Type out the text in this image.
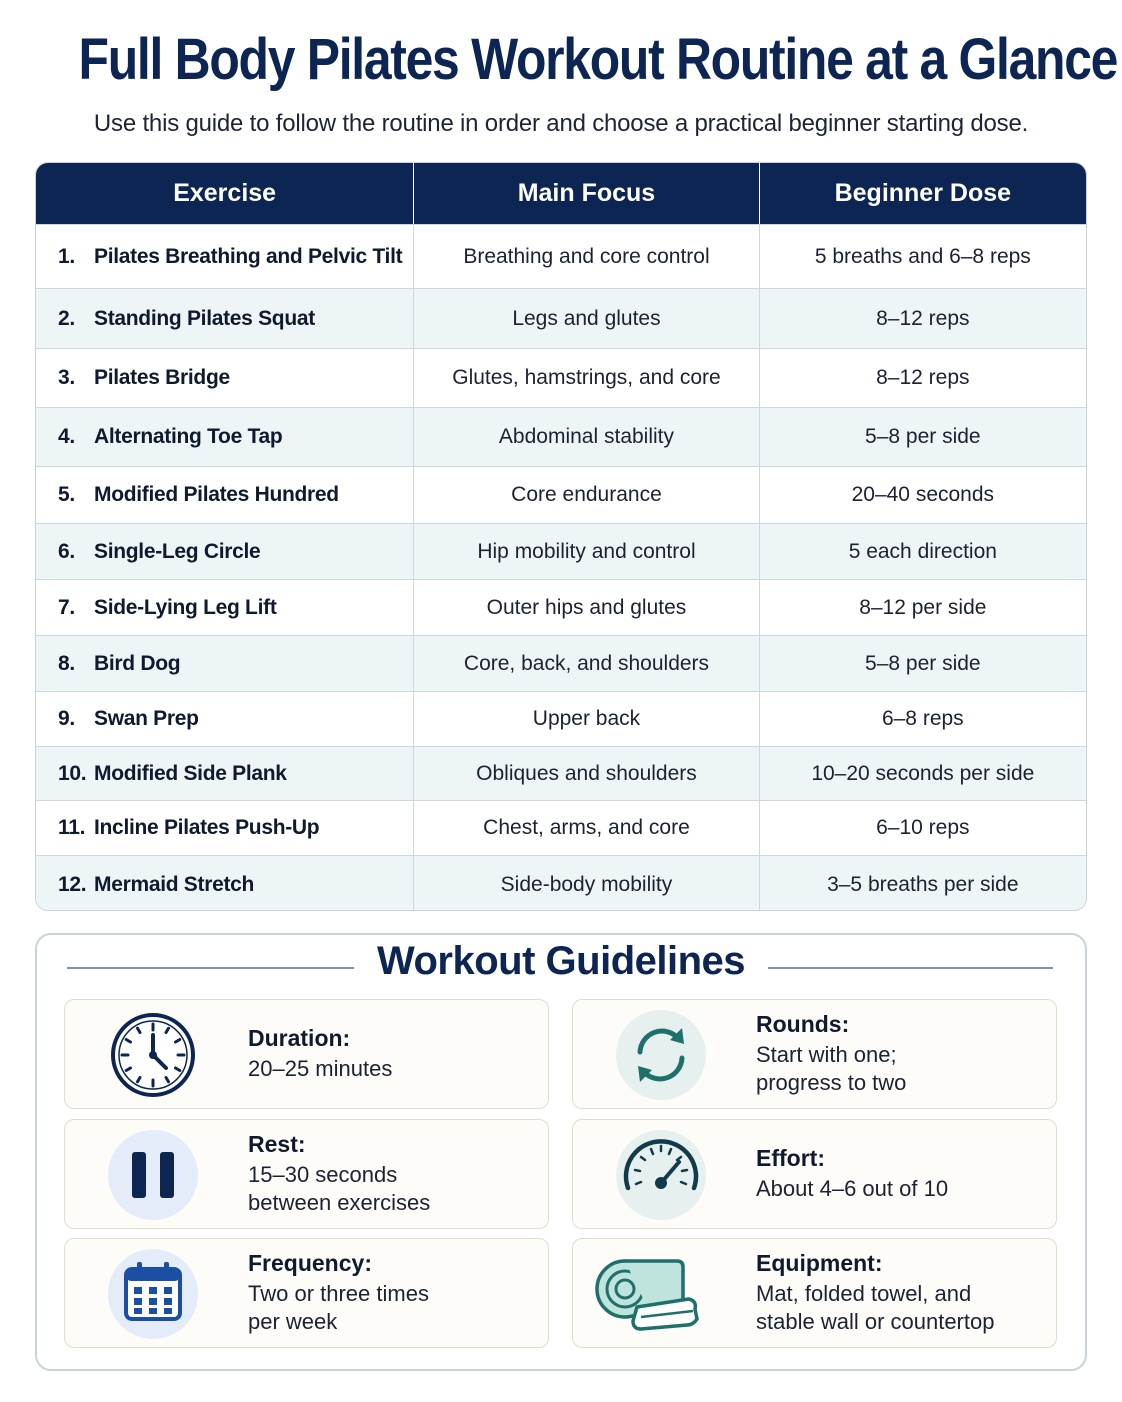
Full Body Pilates Workout Routine at a Glance
Use this guide to follow the routine in order and choose a practical beginner starting dose.
Exercise	Main Focus	Beginner Dose
1. Pilates Breathing and Pelvic Tilt	Breathing and core control	5 breaths and 6–8 reps
2. Standing Pilates Squat	Legs and glutes	8–12 reps
3. Pilates Bridge	Glutes, hamstrings, and core	8–12 reps
4. Alternating Toe Tap	Abdominal stability	5–8 per side
5. Modified Pilates Hundred	Core endurance	20–40 seconds
6. Single-Leg Circle	Hip mobility and control	5 each direction
7. Side-Lying Leg Lift	Outer hips and glutes	8–12 per side
8. Bird Dog	Core, back, and shoulders	5–8 per side
9. Swan Prep	Upper back	6–8 reps
10. Modified Side Plank	Obliques and shoulders	10–20 seconds per side
11. Incline Pilates Push-Up	Chest, arms, and core	6–10 reps
12. Mermaid Stretch	Side-body mobility	3–5 breaths per side
Workout Guidelines
Duration:
20–25 minutes
Rounds:
Start with one; progress to two
Rest:
15–30 seconds between exercises
Effort:
About 4–6 out of 10
Frequency:
Two or three times per week
Equipment:
Mat, folded towel, and stable wall or countertop
